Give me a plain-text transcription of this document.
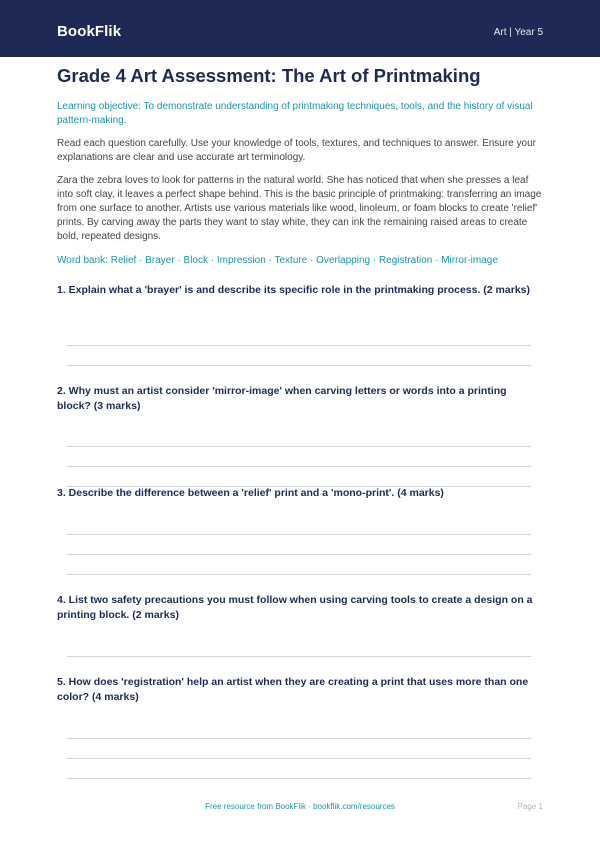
BookFlik	Art | Year 5
Grade 4 Art Assessment: The Art of Printmaking
Learning objective: To demonstrate understanding of printmaking techniques, tools, and the history of visual pattern-making.
Read each question carefully. Use your knowledge of tools, textures, and techniques to answer. Ensure your explanations are clear and use accurate art terminology.
Zara the zebra loves to look for patterns in the natural world. She has noticed that when she presses a leaf into soft clay, it leaves a perfect shape behind. This is the basic principle of printmaking: transferring an image from one surface to another. Artists use various materials like wood, linoleum, or foam blocks to create 'relief' prints. By carving away the parts they want to stay white, they can ink the remaining raised areas to create bold, repeated designs.
Word bank: Relief · Brayer · Block · Impression · Texture · Overlapping · Registration · Mirror-image
1. Explain what a 'brayer' is and describe its specific role in the printmaking process. (2 marks)
2. Why must an artist consider 'mirror-image' when carving letters or words into a printing block? (3 marks)
3. Describe the difference between a 'relief' print and a 'mono-print'. (4 marks)
4. List two safety precautions you must follow when using carving tools to create a design on a printing block. (2 marks)
5. How does 'registration' help an artist when they are creating a print that uses more than one color? (4 marks)
Free resource from BookFlik · bookflik.com/resources	Page 1
